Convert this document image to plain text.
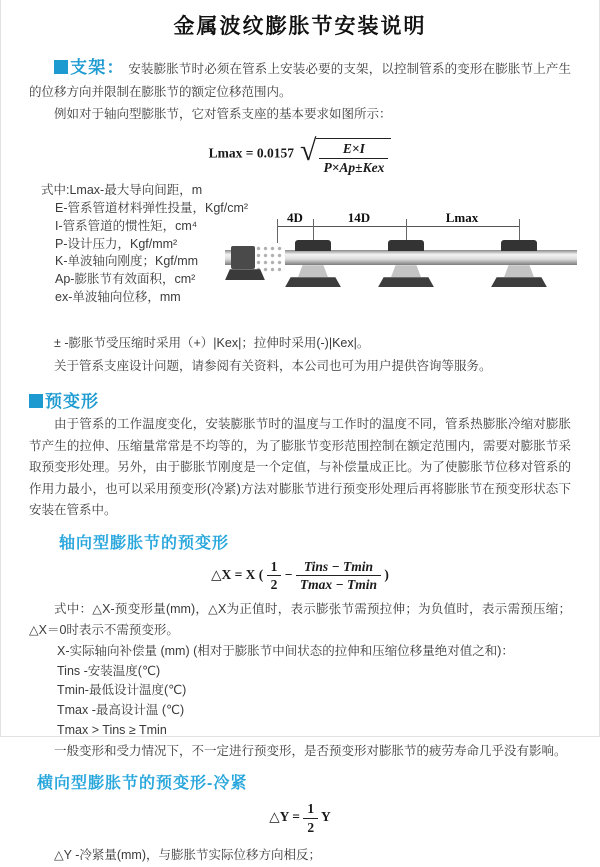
金属波纹膨胀节安装说明

支架： 安装膨胀节时必须在管系上安装必要的支架，以控制管系的变形在膨胀节上产生的位移方向并限制在膨胀节的额定位移范围内。

例如对于轴向型膨胀节，它对管系支座的基本要求如图所示：

Lmax = 0.0157 √ $\frac{E\times I}{\text{P×Ap±Kex}}$
式中:Lmax-最大导向间距，m
E-管系管道材料弹性投量，Kgf/cm²
I-管系管道的惯性矩，cm⁴
P-设计压力，Kgf/mm²
K-单波轴向刚度；Kgf/mm
Ap-膨胀节有效面积，cm²
ex-单波轴向位移，mm
4D	14D	Lmax

± -膨胀节受压缩时采用（+）|Kex|；拉伸时采用(-)|Kex|。

关于管系支座设计问题，请参阅有关资料，本公司也可为用户提供咨询等服务。

预变形

由于管系的工作温度变化，安装膨胀节时的温度与工作时的温度不同，管系热膨胀冷缩对膨胀节产生的拉伸、压缩量常常是不均等的，为了膨胀节变形范围控制在额定范围内，需要对膨胀节采取预变形处理。另外，由于膨胀节刚度是一个定值，与补偿量成正比。为了使膨胀节位移对管系的作用力最小，也可以采用预变形(冷紧)方法对膨胀节进行预变形处理后再将膨胀节在预变形状态下安装在管系中。

轴向型膨胀节的预变形
△X = X ( $\frac{1}{2} - \frac{\text{Tins − Tmin}}{Tmax - Tmin}$ )

式中：△X-预变形量(mm)，△X为正值时，表示膨张节需预拉伸；为负值时，表示需预压缩；△X＝0时表示不需预变形。

X-实际轴向补偿量 (mm) (相对于膨胀节中间状态的拉伸和压缩位移量绝对值之和)：
Tins -安装温度(℃)
Tmin-最低设计温度(℃)
Tmax -最高设计温 (℃)
Tmax > Tins ≥ Tmin

一般变形和受力情况下，不一定进行预变形，是否预变形对膨胀节的疲劳寿命几乎没有影响。

横向型膨胀节的预变形-冷紧
△Y = $\frac{1}{2}$ Y

△Y -冷紧量(mm)，与膨胀节实际位移方向相反；
